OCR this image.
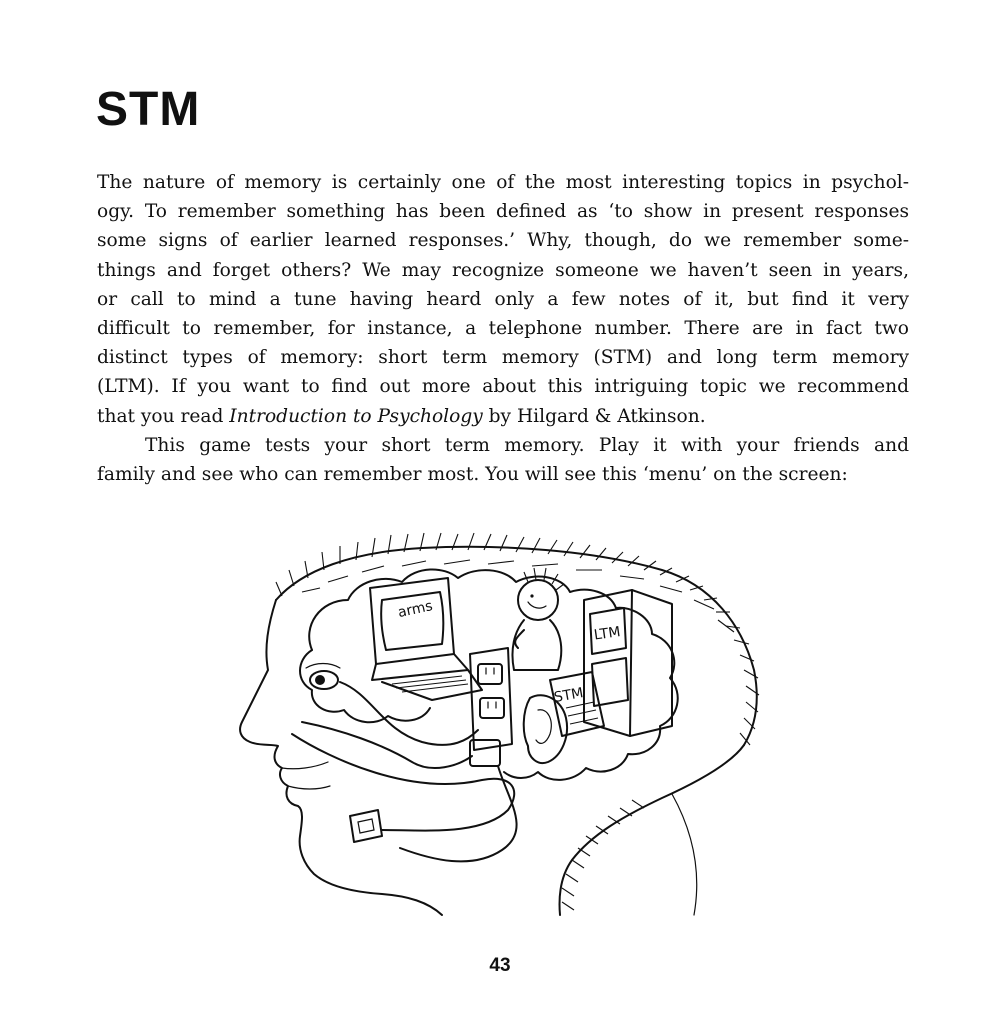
STM
The nature of memory is certainly one of the most interesting topics in psychol-
ogy. To remember something has been defined as ‘to show in present responses
some signs of earlier learned responses.’ Why, though, do we remember some-
things and forget others? We may recognize someone we haven’t seen in years,
or call to mind a tune having heard only a few notes of it, but find it very
difficult to remember, for instance, a telephone number. There are in fact two
distinct types of memory: short term memory (STM) and long term memory
(LTM). If you want to find out more about this intriguing topic we recommend
that you read Introduction to Psychology by Hilgard & Atkinson.
This game tests your short term memory. Play it with your friends and
family and see who can remember most. You will see this ‘menu’ on the screen:
arms
LTM
STM
43
